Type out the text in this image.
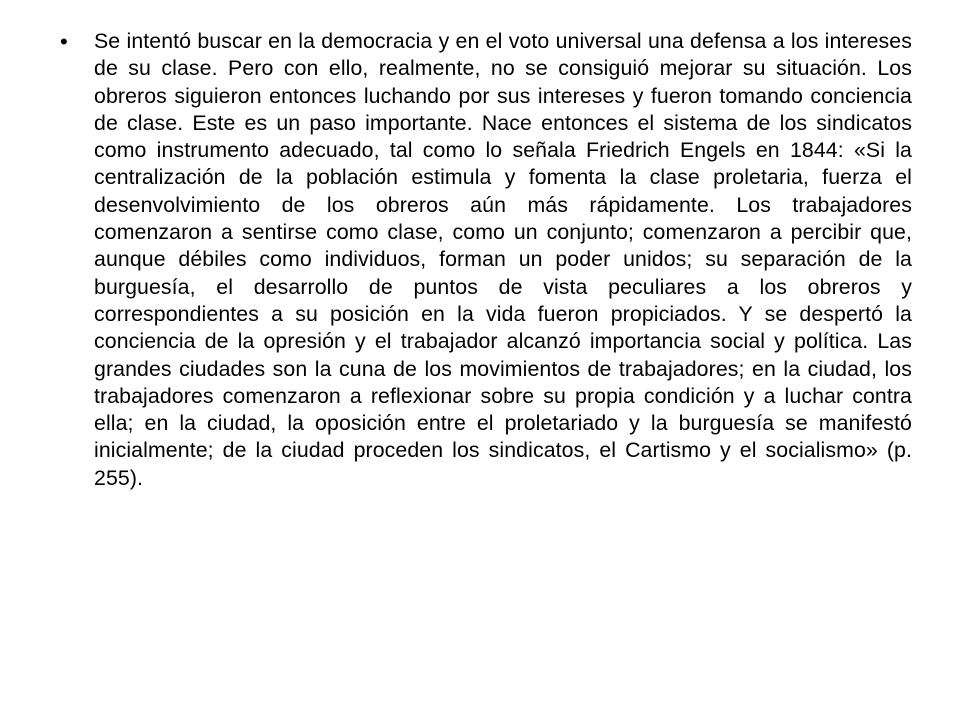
• Se intentó buscar en la democracia y en el voto universal una defensa a los intereses de su clase. Pero con ello, realmente, no se consiguió mejorar su situación. Los obreros siguieron entonces luchando por sus intereses y fueron tomando conciencia de clase. Este es un paso importante. Nace entonces el sistema de los sindicatos como instrumento adecuado, tal como lo señala Friedrich Engels en 1844: «Si la centralización de la población estimula y fomenta la clase proletaria, fuerza el desenvolvimiento de los obreros aún más rápidamente. Los trabajadores comenzaron a sentirse como clase, como un conjunto; comenzaron a percibir que, aunque débiles como individuos, forman un poder unidos; su separación de la burguesía, el desarrollo de puntos de vista peculiares a los obreros y correspondientes a su posición en la vida fueron propiciados. Y se despertó la conciencia de la opresión y el trabajador alcanzó importancia social y política. Las grandes ciudades son la cuna de los movimientos de trabajadores; en la ciudad, los trabajadores comenzaron a reflexionar sobre su propia condición y a luchar contra ella; en la ciudad, la oposición entre el proletariado y la burguesía se manifestó inicialmente; de la ciudad proceden los sindicatos, el Cartismo y el socialismo» (p. 255).
